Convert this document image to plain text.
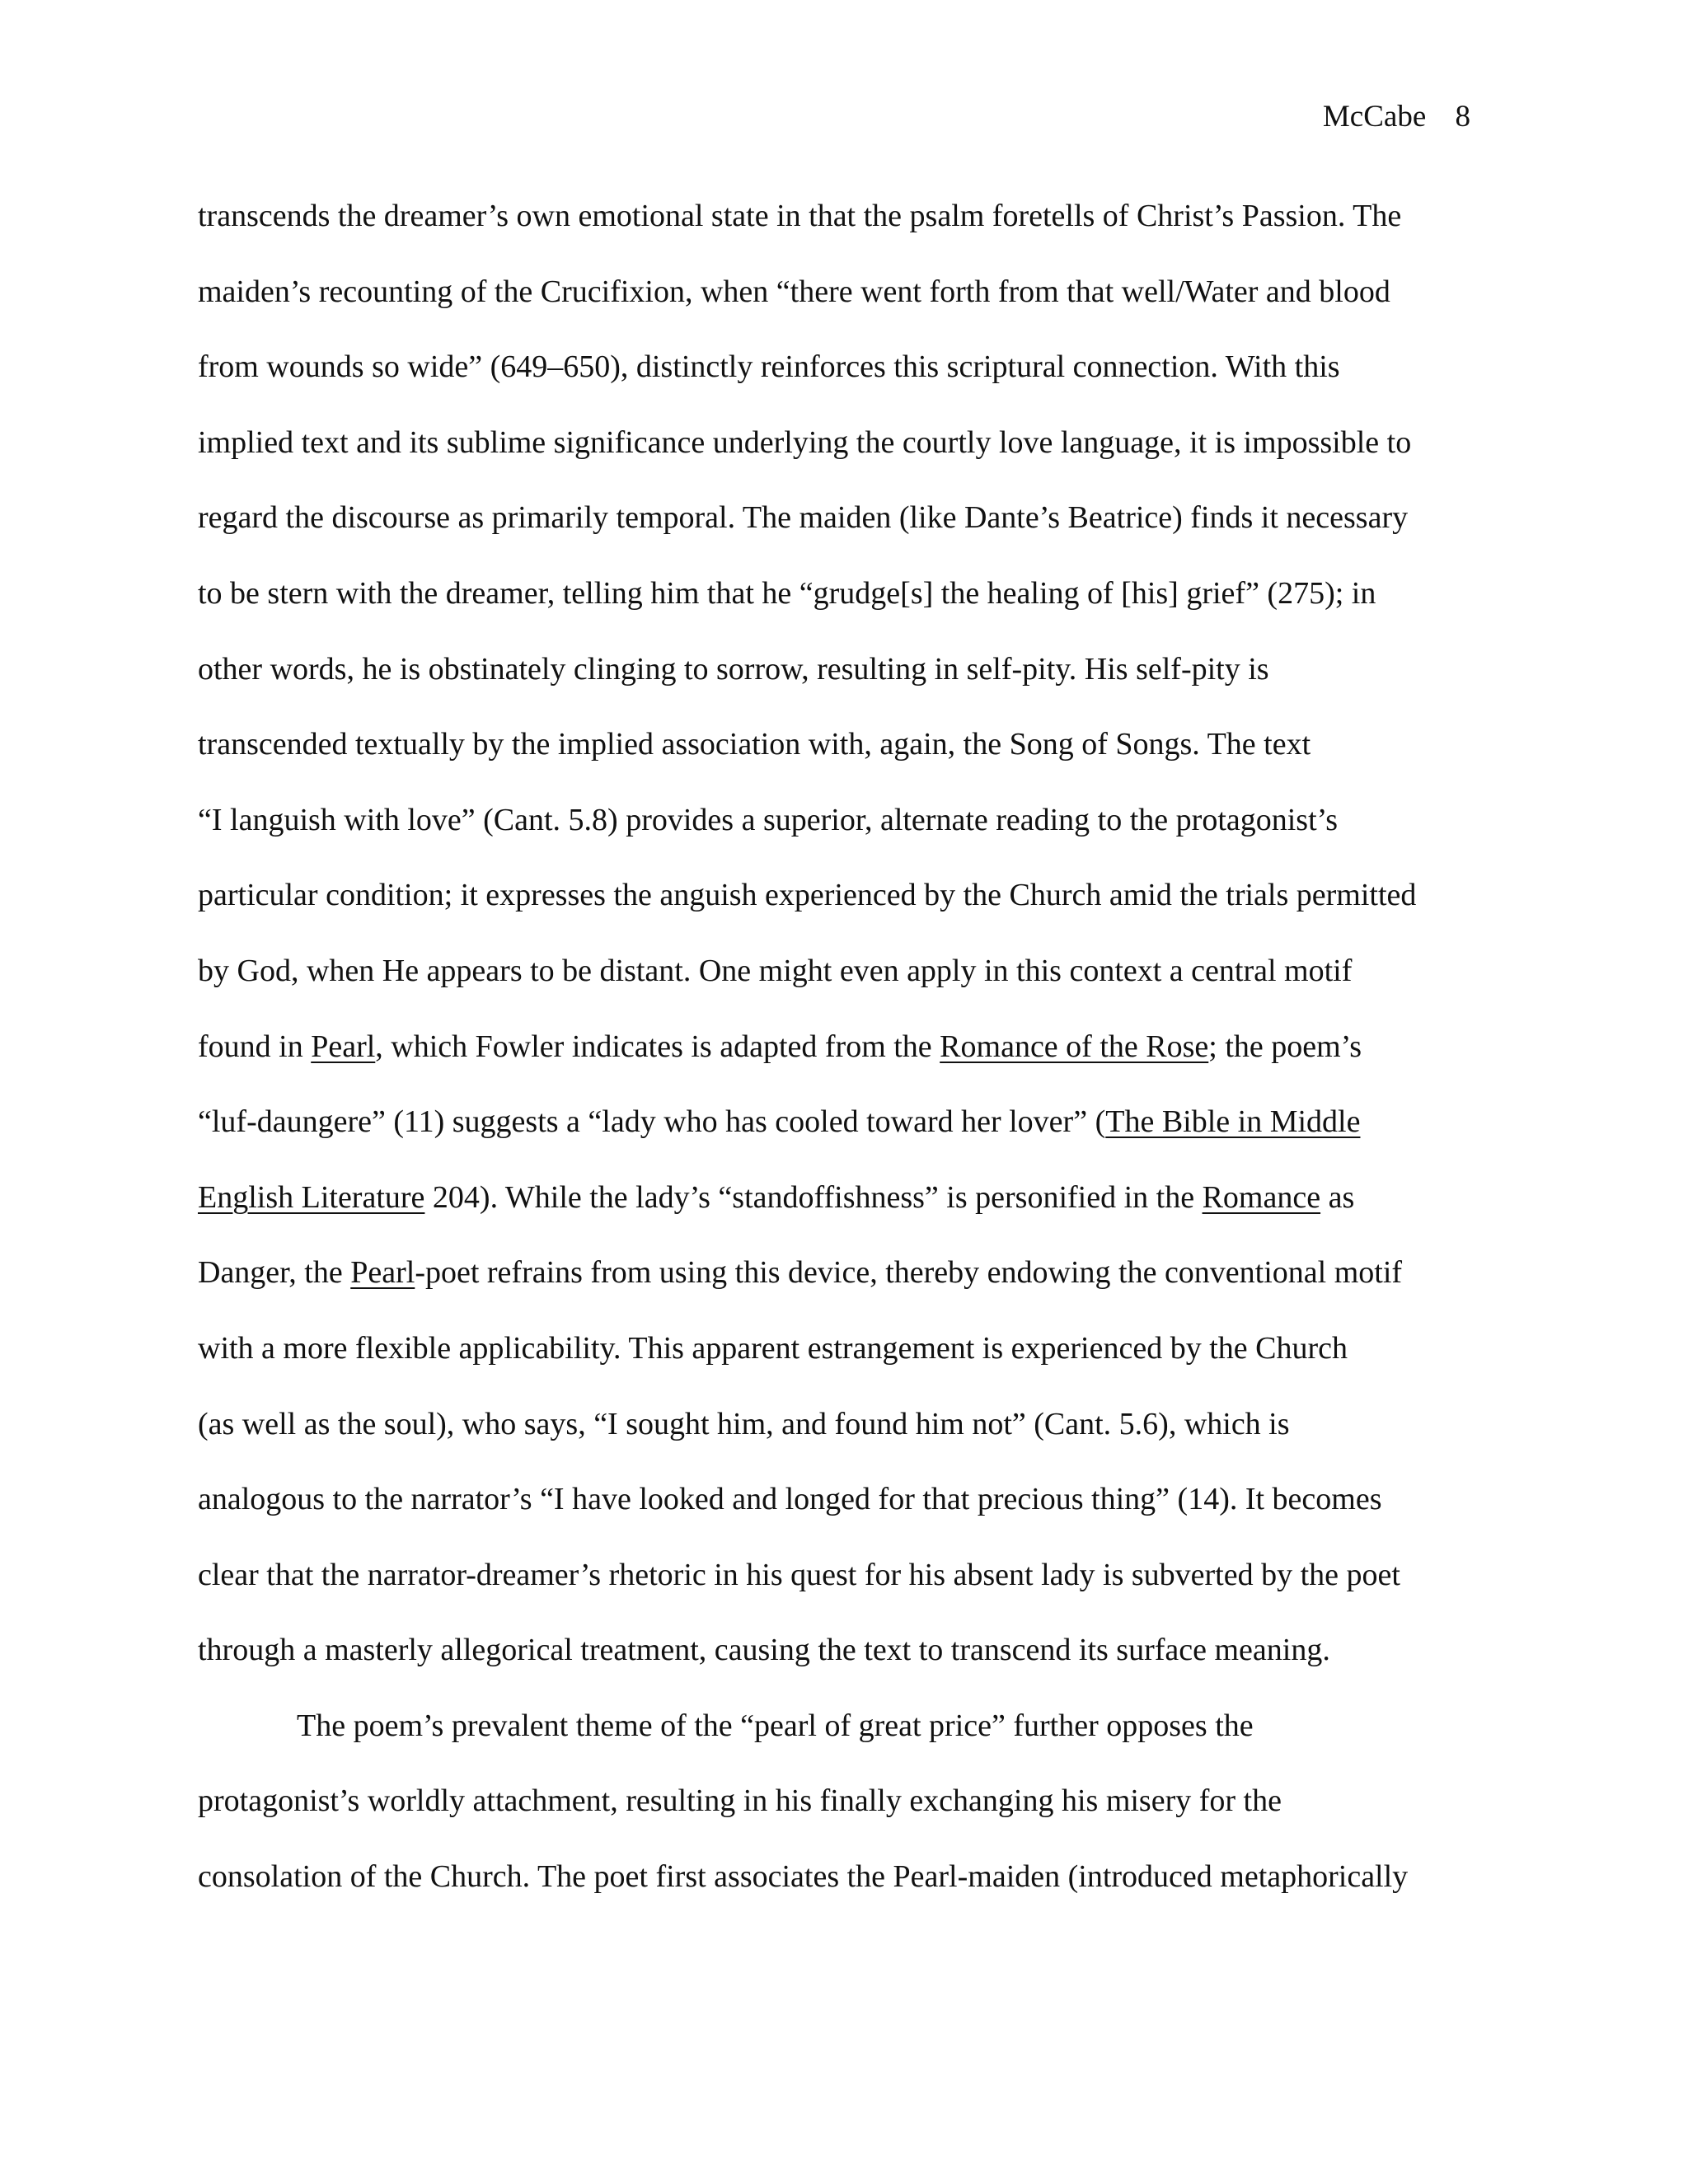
McCabe 8
transcends the dreamer’s own emotional state in that the psalm foretells of Christ’s Passion. The
maiden’s recounting of the Crucifixion, when “there went forth from that well/Water and blood
from wounds so wide” (649–650), distinctly reinforces this scriptural connection. With this
implied text and its sublime significance underlying the courtly love language, it is impossible to
regard the discourse as primarily temporal. The maiden (like Dante’s Beatrice) finds it necessary
to be stern with the dreamer, telling him that he “grudge[s] the healing of [his] grief” (275); in
other words, he is obstinately clinging to sorrow, resulting in self-pity. His self-pity is
transcended textually by the implied association with, again, the Song of Songs. The text
“I languish with love” (Cant. 5.8) provides a superior, alternate reading to the protagonist’s
particular condition; it expresses the anguish experienced by the Church amid the trials permitted
by God, when He appears to be distant. One might even apply in this context a central motif
found in Pearl, which Fowler indicates is adapted from the Romance of the Rose; the poem’s
“luf-daungere” (11) suggests a “lady who has cooled toward her lover” (The Bible in Middle
English Literature 204). While the lady’s “standoffishness” is personified in the Romance as
Danger, the Pearl-poet refrains from using this device, thereby endowing the conventional motif
with a more flexible applicability. This apparent estrangement is experienced by the Church
(as well as the soul), who says, “I sought him, and found him not” (Cant. 5.6), which is
analogous to the narrator’s “I have looked and longed for that precious thing” (14). It becomes
clear that the narrator-dreamer’s rhetoric in his quest for his absent lady is subverted by the poet
through a masterly allegorical treatment, causing the text to transcend its surface meaning.
The poem’s prevalent theme of the “pearl of great price” further opposes the
protagonist’s worldly attachment, resulting in his finally exchanging his misery for the
consolation of the Church. The poet first associates the Pearl-maiden (introduced metaphorically
